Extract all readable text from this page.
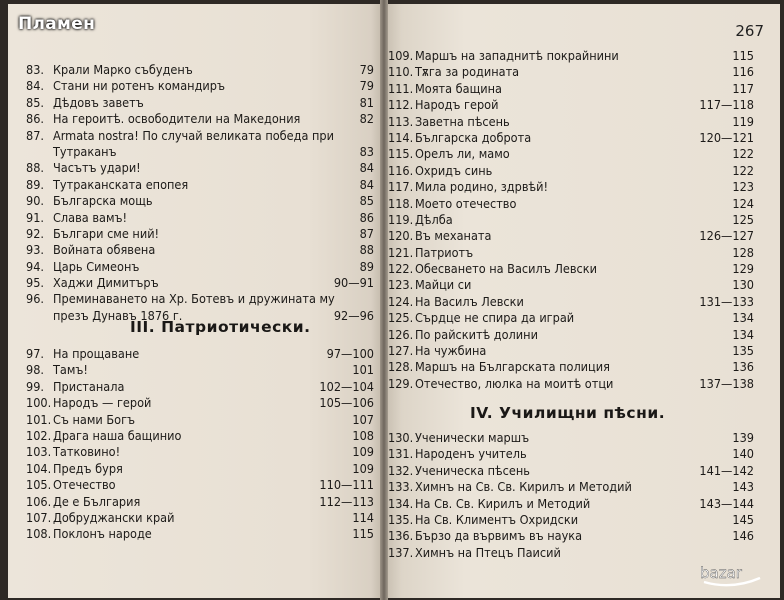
Пламен	267
83. Крали Марко събуденъ	79
84. Стани ни ротенъ командиръ	79
85. Дѣдовъ заветъ	81
86. На героитѣ. освободители на Македония	82
87. Armata nostra! По случай великата победа при Тутраканъ	83
88. Часътъ удари!	84
89. Тутраканската епопея	84
90. Българска мощь	85
91. Слава вамъ!	86
92. Българи сме ний!	87
93. Войната обявена	88
94. Царь Симеонъ	89
95. Хаджи Димитъръ	90—91
96. Преминаването на Хр. Ботевъ и дружината му презъ Дунавъ 1876 г.	92—96
III. Патриотически.
97. На прощаване	97—100
98. Тамъ!	101
99. Пристанала	102—104
100. Народъ — герой	105—106
101. Съ нами Богъ	107
102. Драга наша бащинио	108
103. Татковино!	109
104. Предъ буря	109
105. Отечество	110—111
106. Де е България	112—113
107. Добруджански край	114
108. Поклонъ народе	115
109. Маршъ на западнитѣ покрайнини	115
110. Тѫга за родината	116
111. Моята бащина	117
112. Народъ герой	117—118
113. Заветна пѣсень	119
114. Българска доброта	120—121
115. Орелъ ли, мамо	122
116. Охридъ синь	122
117. Мила родино, здрвѣй!	123
118. Моето отечество	124
119. Дѣлба	125
120. Въ механата	126—127
121. Патриотъ	128
122. Обесването на Василъ Левски	129
123. Майци си	130
124. На Василъ Левски	131—133
125. Сърдце не спира да играй	134
126. По райскитѣ долини	134
127. На чужбина	135
128. Маршъ на Българската полиция	136
129. Отечество, люлка на моитѣ отци	137—138
IV. Училищни пѣсни.
130. Ученически маршъ	139
131. Народенъ учитель	140
132. Ученическа пѣсень	141—142
133. Химнъ на Св. Св. Кирилъ и Методий	143
134. На Св. Св. Кирилъ и Методий	143—144
135. На Св. Климентъ Охридски	145
136. Бързо да вървимъ въ наука	146
137. Химнъ на Птецъ Паисий
bazar
